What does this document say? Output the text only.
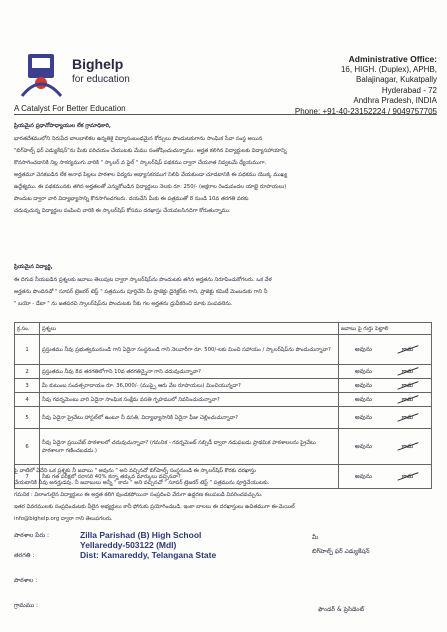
Bighelp
for education
A Catalyst For Better Education
Administrative Office:
16, HIGH. (Duplex), APHB,
Balajinagar, Kukatpally
Hyderabad - 72
Andhra Pradesh, INDIA
Phone: +91-40-23152224 / 9049757705
ప్రియమైన ప్రధానోపాధ్యాయుల లేక గ్రామాధికారి,
భారతదేశములోని నిరుపేద బాలబాలికల ఉన్నతికై విద్యాసంబంధమైన కోర్సులు పొందుటకుగాను సాంఘిక సేవా సంస్థ అయిన
"బిగ్‌హెల్ప్ ఫర్ ఎడ్యుకేషన్"ను మీకు పరిచయం చేయుటకు మేము సంతోషించుచున్నాము. అర్హత కలిగిన విద్యార్థులకు విద్యాసహాయాన్ని
కొనసాగించడానికి నిల్ల సాకర్యముగు వారికి " స్కాలర్ వ పైల్ " స్కాలర్‌షిప్ పథకము ద్వారా చేయూత నివ్వటమే ధ్యేయముగా.
అర్హతమూ వెనకబడిన లేక అనాధ పిల్లలు పాఠశాల విద్యను అభ్యాసకరముగ నిలిపి వేయకుండా చూడటానికి ఈ పథకము యొక్క ముఖ్య
ఉద్దేశ్యము. ఈ పథకమునకు తగిన అర్హతలతో ఎన్నుకోబడిన విద్యార్థులు నెలకు రూ. 250/- (అక్షరాల రెండువందల యాభై రూపాయలు)
పొందుట ద్వారా వారి విద్యాభ్యాసాన్ని కొనసాగించగలరు. దయచేసి మీకు ఈ పత్రముతో 8 నుండి 10వ తరగతి వరకు
చదువుచున్న విద్యార్థుల పంపించి వారికి ఈ స్కాలర్‌షిప్ కోసము దరఖాస్తు చేయవలసినదిగా కోరుతున్నాము.
ప్రియమైన విద్యార్థి,
ఈ దిగువ నీయబడిన ప్రశ్నలకు జవాబు తెలుపుట ద్వారా స్కాలర్‌షిప్‌ను పొందుటకు తగిన అర్హతను నిరూపించుకోగలరు. ఒక వేళ
అర్హతను పొందినచో " సూపర్ ట్రెజరర్ టెస్ట్ " పత్రమును పూర్తిచేసి మీ ప్రాజెక్టు డైరెక్టర్‌కు గాని, ప్రాజెక్టు కమిటీ మెంబరుకు గాని నీ
" బయో - డేటా " ను జతపరచి స్కాలర్‌షిప్‌ను పొందుటకు నీకు గల అర్హతను ధ్రువీకరించి మాకు పంపవలెను.
క్ర.సం.	ప్రశ్నలు	జవాబు పై గుర్తు పెట్టాలి
1	ప్రస్తుతము నీవు ప్రభుత్వమునుండి గాని ఏదైనా సంస్థనుండి గాని నెలవారీగా రూ. 500/-లకు మించి సహాయం / స్కాలర్‌షిప్‌ను పొందుచున్నావా?	అవును కాదు

2	ప్రస్తుతము నీవు 8వ తరగతిలోగాని 10వ తరగతిన్నైనా గాని చదువుచున్నావా?	అవును కాదు

3	మీ కుటుంబ సంవత్సరాదాయం రూ. 36,000/- (ముప్పై ఆరు వేల రూపాయలు) మించియున్నదా?	అవును కాదు

4	నీవు గవర్నమెంటు వారి ఏదైనా సాంఘిక సంక్షేమ వసతి గృహములో నివసించుచున్నావా?	అవును కాదు

5	నీవు ఏదైనా ప్రైవేటు హాస్టల్‌లో ఉంటూ నీ వసతి, విద్యాభ్యాసానికి ఏదైనా ఫీజు చెల్లించుచున్నావా?	అవును కాదు

6	నీవు ఏదైనా ప్రయివేట్ పాఠశాలలో చదువుచున్నావా? (గమనిక - గవర్నమెంట్ సబ్సిడీ ద్వారా నడుపబడు ప్రాథమిక పాఠశాలలను ప్రైవేటు పాఠశాలగా గణించబడదు.)	అవును కాదు

7	నీకు గత పరీక్షలో సరాసరి 40% కన్నా తక్కువ మార్కులు వచ్చినవా?	అవును కాదు
పై వాటిలో ఏదేని ఒక ప్రశ్నకు నీ జవాబు " అవును " అని వచ్చినచో బిగ్‌హెల్ప్ సంస్థనుండి ఈ స్కాలర్‌షిప్ కొరకు దరఖాస్తు
చేయటానికి నీవు అనర్హుడవు. నీ జవాబులు అన్నీ " కాదు " అని వచ్చినచో " సూపర్ ట్రెజరర్ టెస్ట్ " పత్రమును పూర్తిచేయుటకు.
గమనిక : విలాంగులైన విద్యార్థులు ఈ అర్హత కలిగి వుండకపోయినా సంప్రదించి వేరుగా ఉద్దరణ కలుపబడి వివరించవచ్చును.
ఇతర వివరములకు సంప్రదించుటకు వీలైన అభ్యర్థులు కానీ ఫోనుకు ప్రయోగించబడి, ఇంకా బాలలు ఈ దరఖాస్తులు ఉచితముగా ఈ-మెయిల్
info@bighelp.org ద్వారా గాని తెలుపగలరు.
పాఠశాల పేరు :	Zilla Parishad (B) High School
Yellareddy-503122 (Mdl)
Dist: Kamareddy, Telangana State
తరగతి :
పాఠశాల :
గ్రామము :
మీ
బిగ్‌హెల్ప్ ఫర్ ఎడ్యుకేషన్
ఫౌండర్ & ప్రెసిడెంట్
